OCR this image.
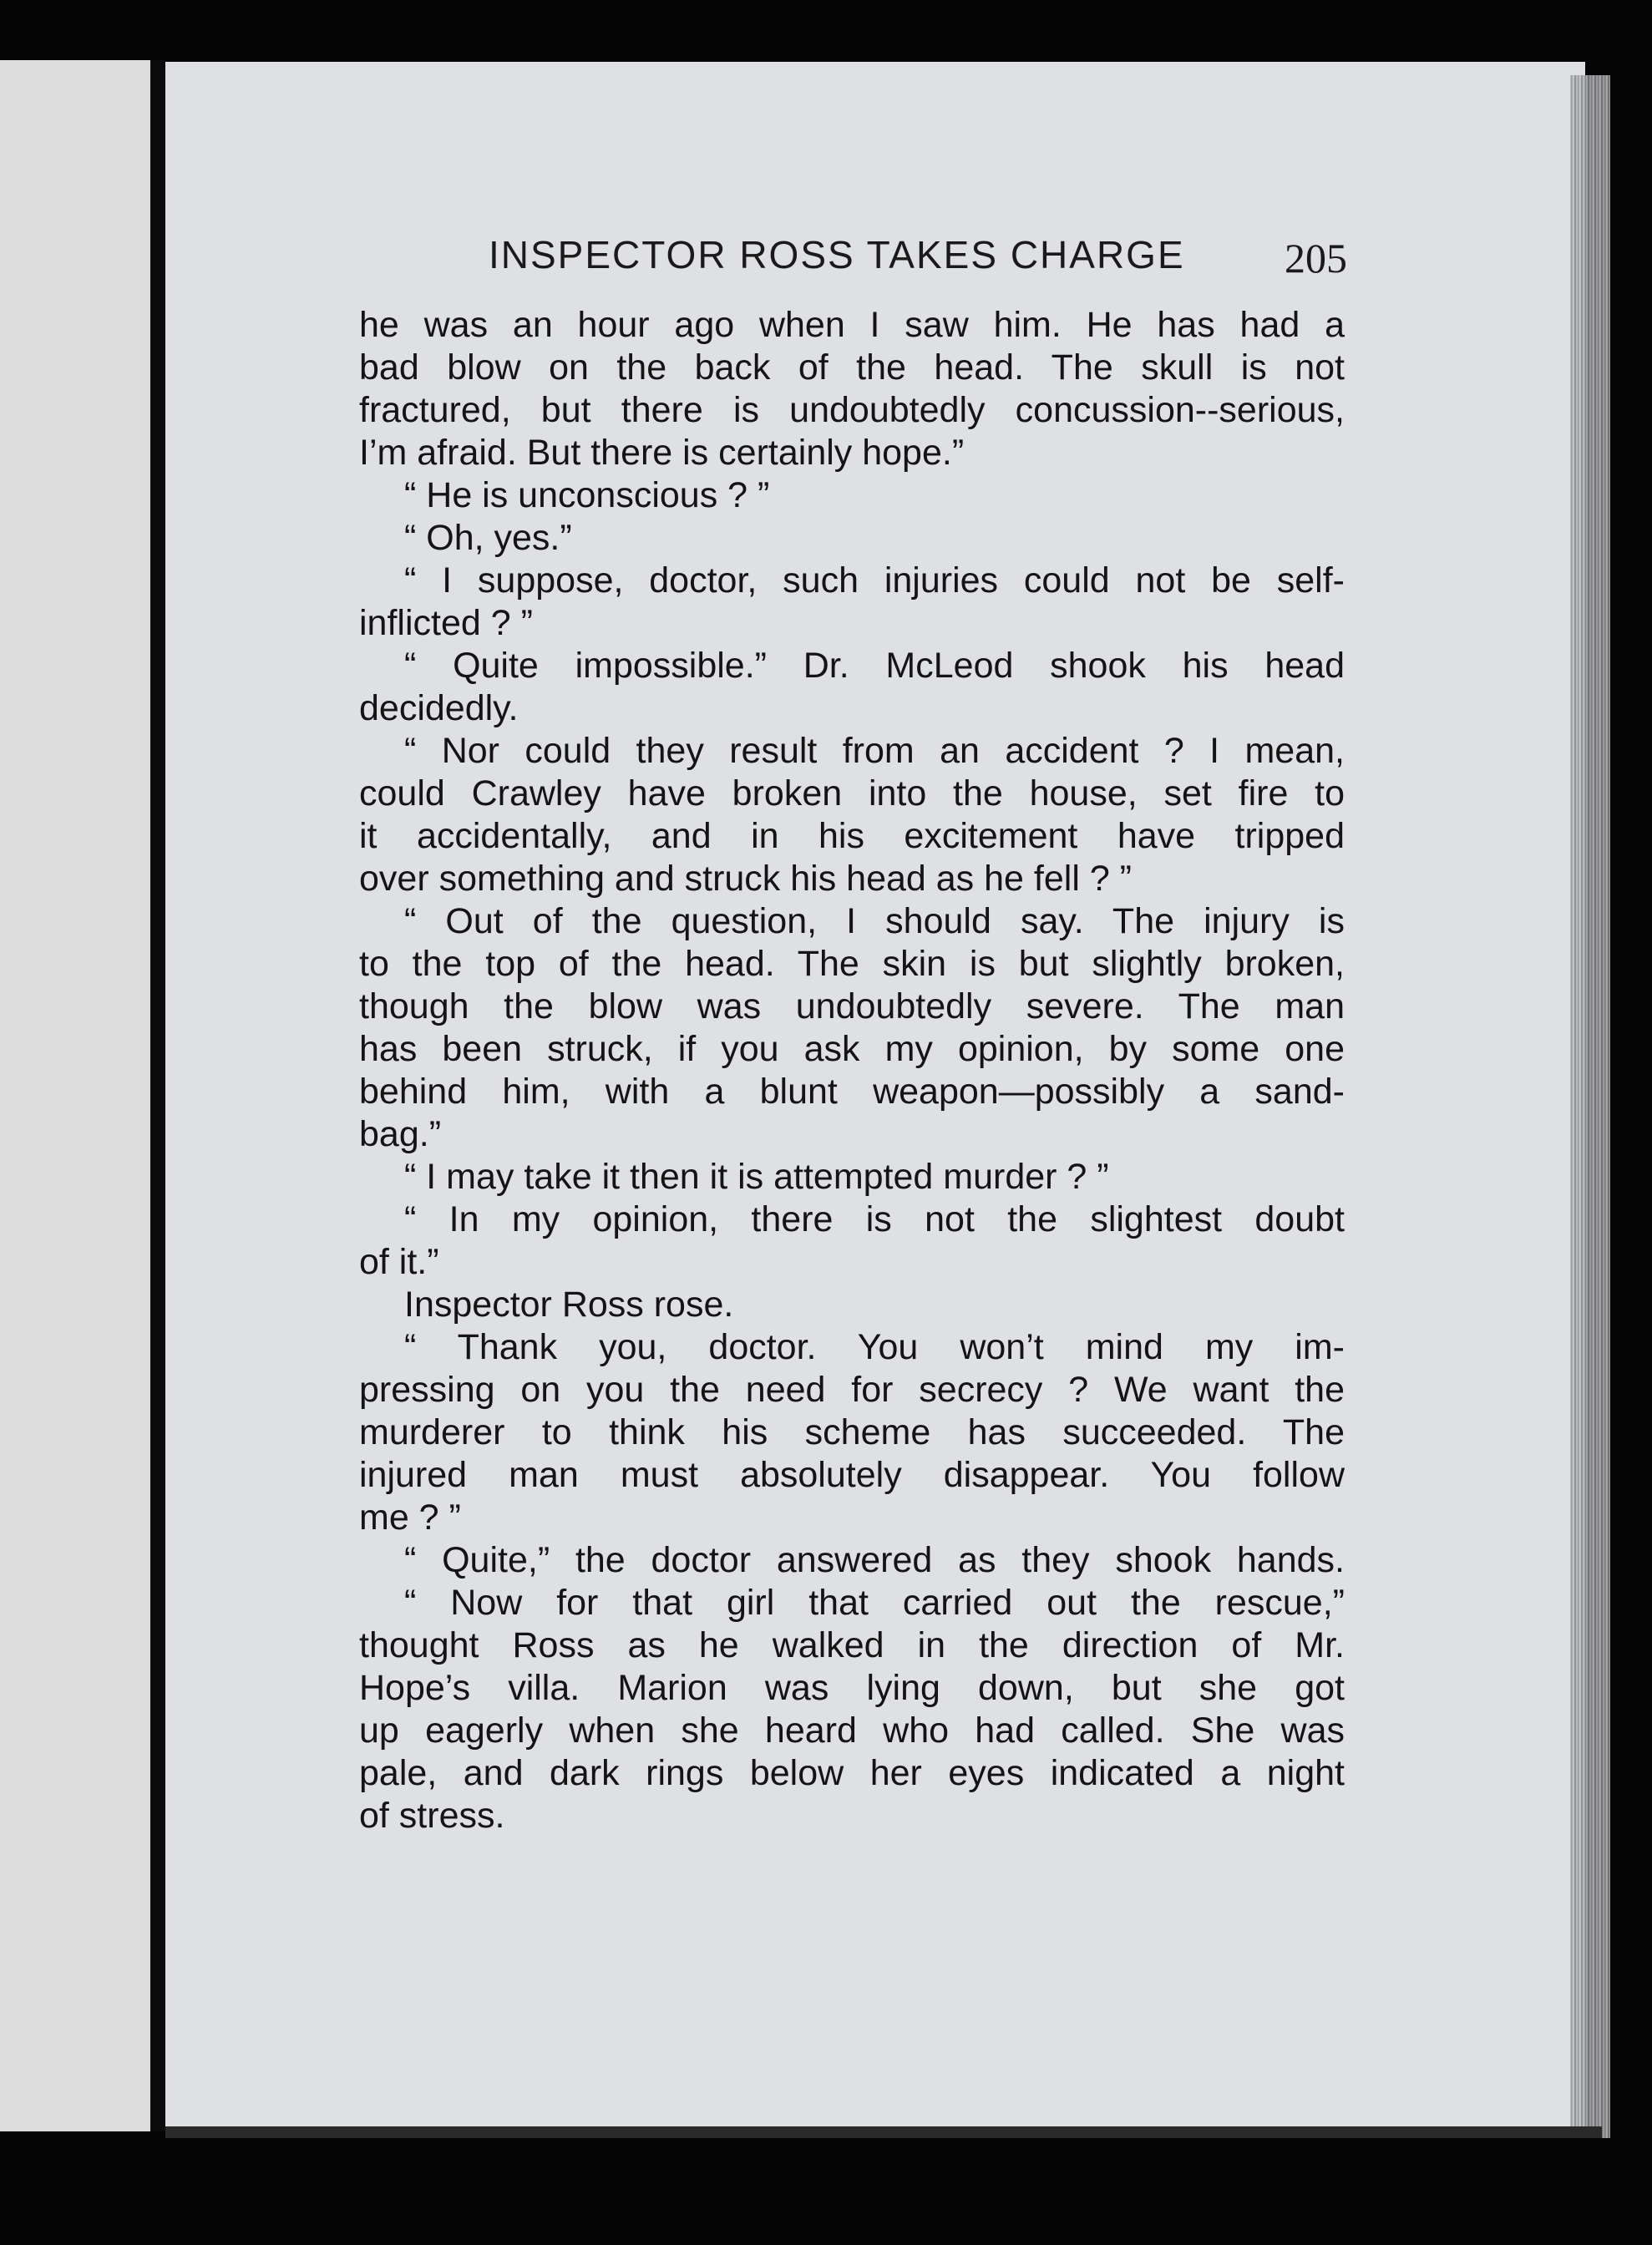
INSPECTOR ROSS TAKES CHARGE	205
he was an hour ago when I saw him. He has had a
bad blow on the back of the head. The skull is not
fractured, but there is undoubtedly concussion--serious,
I’m afraid. But there is certainly hope.”
“ He is unconscious ? ”
“ Oh, yes.”
“ I suppose, doctor, such injuries could not be self-
inflicted ? ”
“ Quite impossible.” Dr. McLeod shook his head
decidedly.
“ Nor could they result from an accident ? I mean,
could Crawley have broken into the house, set fire to
it accidentally, and in his excitement have tripped
over something and struck his head as he fell ? ”
“ Out of the question, I should say. The injury is
to the top of the head. The skin is but slightly broken,
though the blow was undoubtedly severe. The man
has been struck, if you ask my opinion, by some one
behind him, with a blunt weapon—possibly a sand-
bag.”
“ I may take it then it is attempted murder ? ”
“ In my opinion, there is not the slightest doubt
of it.”
Inspector Ross rose.
“ Thank you, doctor. You won’t mind my im-
pressing on you the need for secrecy ? We want the
murderer to think his scheme has succeeded. The
injured man must absolutely disappear. You follow
me ? ”
“ Quite,” the doctor answered as they shook hands.
“ Now for that girl that carried out the rescue,”
thought Ross as he walked in the direction of Mr.
Hope’s villa. Marion was lying down, but she got
up eagerly when she heard who had called. She was
pale, and dark rings below her eyes indicated a night
of stress.
